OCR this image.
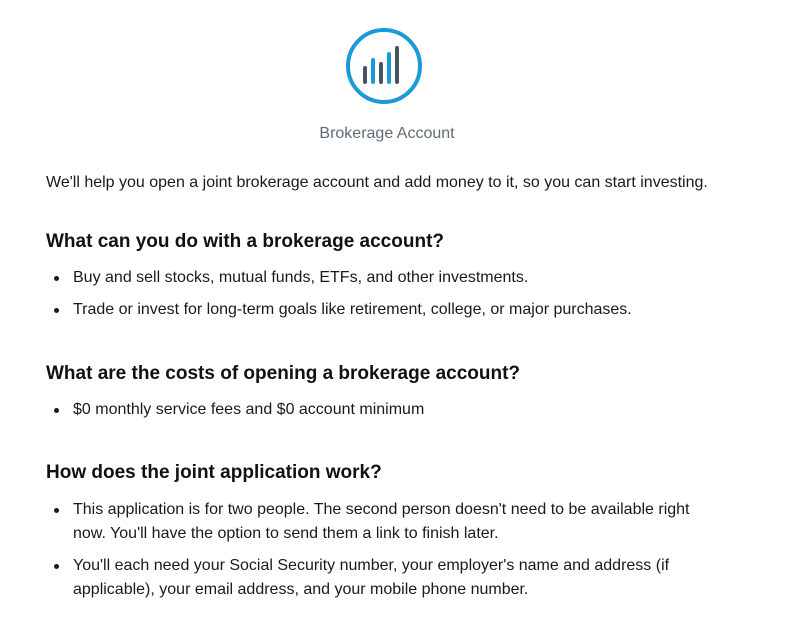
Brokerage Account

We'll help you open a joint brokerage account and add money to it, so you can start investing.

What can you do with a brokerage account?
Buy and sell stocks, mutual funds, ETFs, and other investments.
Trade or invest for long-term goals like retirement, college, or major purchases.
What are the costs of opening a brokerage account?
$0 monthly service fees and $0 account minimum
How does the joint application work?
This application is for two people. The second person doesn't need to be available right now. You'll have the option to send them a link to finish later.
You'll each need your Social Security number, your employer's name and address (if applicable), your email address, and your mobile phone number.
